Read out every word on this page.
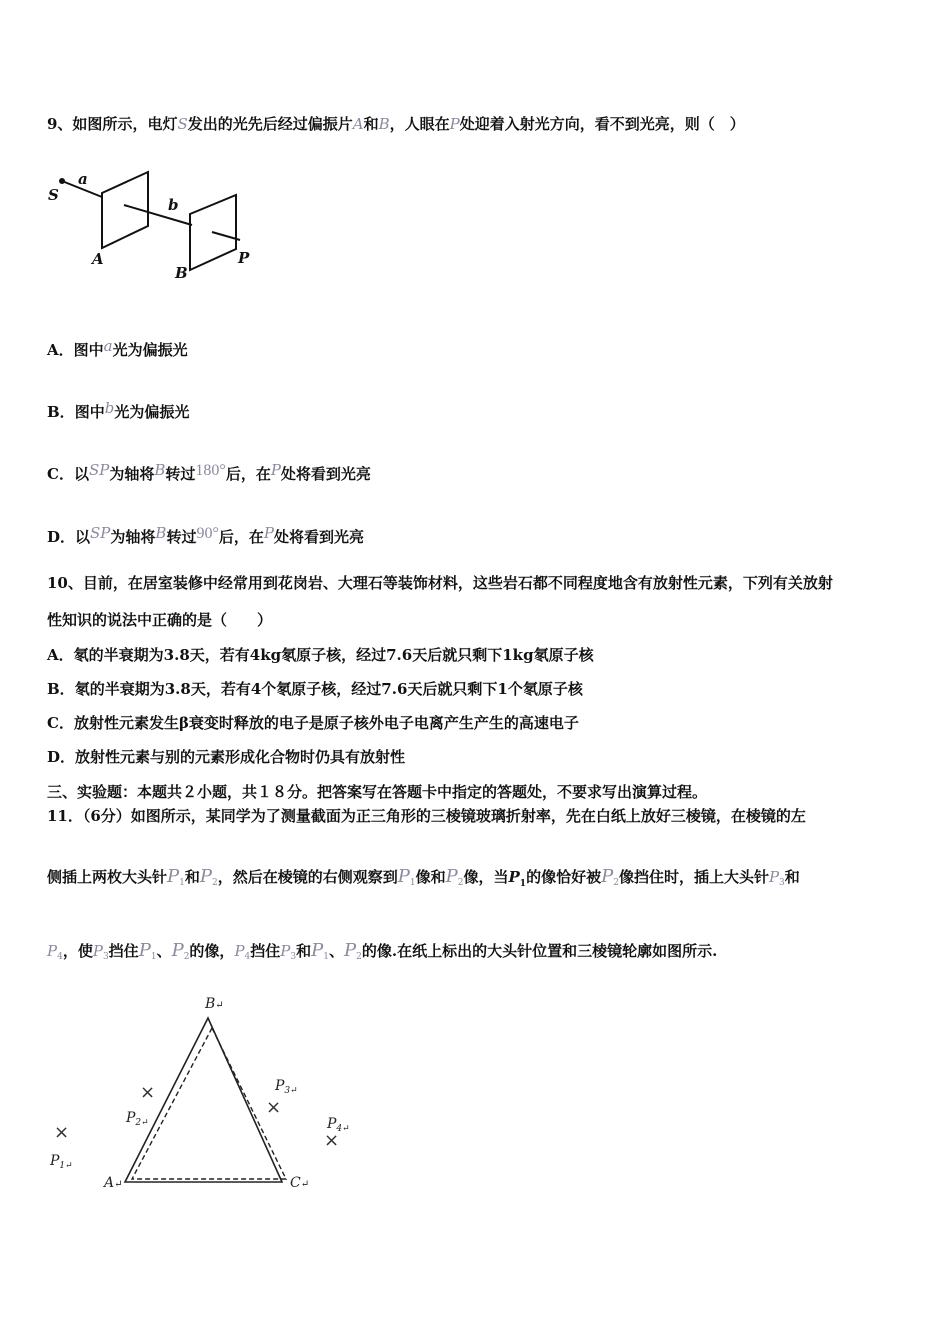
9、如图所示，电灯S发出的光先后经过偏振片A和B，人眼在P处迎着入射光方向，看不到光亮，则（　）
S
a
b
A
B
P
A．图中a光为偏振光
B．图中b光为偏振光
C．以SP为轴将B转过180°后，在P处将看到光亮
D．以SP为轴将B转过90°后，在P处将看到光亮
10、目前，在居室装修中经常用到花岗岩、大理石等装饰材料，这些岩石都不同程度地含有放射性元素，下列有关放射
性知识的说法中正确的是（　　）
A．氡的半衰期为3.8天，若有4kg氡原子核，经过7.6天后就只剩下1kg氡原子核
B．氡的半衰期为3.8天，若有4个氡原子核，经过7.6天后就只剩下1个氡原子核
C．放射性元素发生β衰变时释放的电子是原子核外电子电离产生产生的高速电子
D．放射性元素与别的元素形成化合物时仍具有放射性
三、实验题：本题共２小题，共１８分。把答案写在答题卡中指定的答题处，不要求写出演算过程。
11．（6分）如图所示，某同学为了测量截面为正三角形的三棱镜玻璃折射率，先在白纸上放好三棱镜，在棱镜的左
侧插上两枚大头针$P_1$和$P_2$，然后在棱镜的右侧观察到$P_1$像和$P_2$像，当$P_1$的像恰好被$P_2$像挡住时，插上大头针$P_3$和
$P_4$，使$P_3$挡住$P_1$、$P_2$的像，$P_4$挡住$P_3$和$P_1$、$P_2$的像.在纸上标出的大头针位置和三棱镜轮廓如图所示.
B↵
A↵	C↵
×
$P_2↵$
×
$P_1↵$
×
$P_3↵$
×
$P_4↵$
